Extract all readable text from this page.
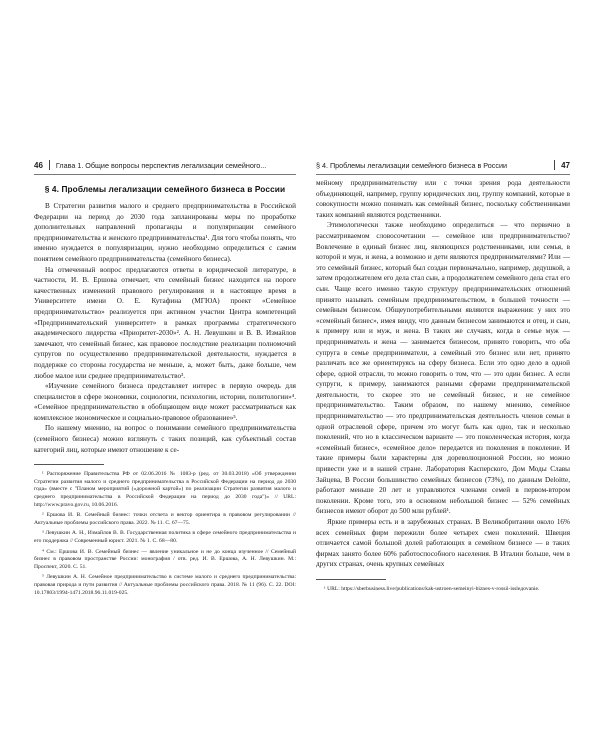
46 Глава 1. Общие вопросы перспектив легализации семейного...	§ 4. Проблемы легализации семейного бизнеса в России	47
§ 4. Проблемы легализации семейного бизнеса в России

В Стратегии развития малого и среднего предпринимательства в Российской Федерации на период до 2030 года запланированы меры по проработке дополнительных направлений пропаганды и популяризации семейного предпринимательства и женского предпринимательства¹. Для того чтобы понять, что именно нуждается в популяризации, нужно необходимо определиться с самим понятием семейного предпринимательства (семейного бизнеса).

На отмеченный вопрос предлагаются ответы в юридической литературе, в частности, И. В. Ершова отмечает, что семейный бизнес находится на пороге качественных изменений правового регулирования и в настоящее время в Университете имени О. Е. Кутафина (МГЮА) проект «Семейное предпринимательство» реализуется при активном участии Центра компетенций «Предпринимательский университет» в рамках программы стратегического академического лидерства «Приоритет-2030»². А. Н. Левушкин и В. В. Измайлов замечают, что семейный бизнес, как правовое последствие реализации полномочий супругов по осуществлению предпринимательской деятельности, нуждается в поддержке со стороны государства не меньше, а, может быть, даже больше, чем любое малое или среднее предпринимательство³.

«Изучение семейного бизнеса представляет интерес в первую очередь для специалистов в сфере экономики, социологии, психологии, истории, политологии»⁴. «Семейное предпринимательство в обобщающем виде может рассматриваться как комплексное экономическое и социально-правовое образование»⁵.

По нашему мнению, на вопрос о понимании семейного предпринимательства (семейного бизнеса) можно взглянуть с таких позиций, как субъектный состав категорий лиц, которые имеют отношение к се-

¹ Распоряжение Правительства РФ от 02.06.2016 № 1083-р (ред. от 30.03.2018) «Об утверждении Стратегии развития малого и среднего предпринимательства в Российской Федерации на период до 2030 года» (вместе с "Планом мероприятий («дорожной картой») по реализации Стратегии развития малого и среднего предпринимательства в Российской Федерации на период до 2030 года")» // URL: http://www.pravo.gov.ru, 10.06.2016.

² Ершова И. В. Семейный бизнес: точки отсчета и вектор ориентира в правовом регулировании // Актуальные проблемы российского права. 2022. № 11. С. 67—75.

³ Левушкин А. Н., Измайлов В. В. Государственная политика в сфере семейного предпринимательства и его поддержка // Современный юрист. 2021. № 1. С. 68—80.

⁴ См.: Ершова И. В. Семейный бизнес — явление уникальное и не до конца изученное // Семейный бизнес в правовом пространстве России: монография / отв. ред. И. В. Ершова, А. Н. Левушкин. М.: Проспект, 2020. С. 51.

⁵ Левушкин А. Н. Семейное предпринимательство в системе малого и среднего предпринимательства: правовая природа и пути развития // Актуальные проблемы российского права. 2018. № 11 (96). С. 22. DOI: 10.17803/1994-1471.2018.96.11.019-025.

мейному предпринимательству или с точки зрения рода деятельности объединяющей, например, группу юридических лиц, группу компаний, которые в совокупности можно понимать как семейный бизнес, поскольку собственниками таких компаний являются родственники.

Этимологически также необходимо определиться — что первично в рассматриваемом словосочетании — семейное или предпринимательство? Вовлечение в единый бизнес лиц, являющихся родственниками, или семья, в которой и муж, и жена, а возможно и дети являются предпринимателями? Или — это семейный бизнес, который был создан первоначально, например, дедушкой, а затем продолжателем его дела стал сын, а продолжателем семейного дела стал его сын. Чаще всего именно такую структуру предпринимательских отношений принято называть семейным предпринимательством, в большей точности — семейным бизнесом. Общеупотребительными являются выражения: у них это «семейный бизнес», имея ввиду, что данным бизнесом занимаются и отец, и сын, к примеру или и муж, и жена. В таких же случаях, когда в семье муж — предприниматель и жена — занимается бизнесом, принято говорить, что оба супруга в семье предприниматели, а семейный это бизнес или нет, принято различать все же ориентируясь на сферу бизнеса. Если это одно дело в одной сфере, одной отрасли, то можно говорить о том, что — это один бизнес. А если супруги, к примеру, занимаются разными сферами предпринимательской деятельности, то скорее это не семейный бизнес, и не семейное предпринимательство. Таким образом, по нашему мнению, семейное предпринимательство — это предпринимательская деятельность членов семьи в одной отраслевой сфере, причем это могут быть как одно, так и несколько поколений, что но в классическом варианте — это поколенческая история, когда «семейный бизнес», «семейное дело» передается из поколения в поколение. И такие примеры были характерны для дореволюционной России, но можно привести уже и в нашей стране. Лаборатория Касперского, Дом Моды Славы Зайцева, В России большинство семейных бизнесов (73%), по данным Deloitte, работают меньше 20 лет и управляются членами семей в первом-втором поколении. Кроме того, это в основном небольшой бизнес — 52% семейных бизнесов имеют оборот до 500 млн рублей¹.

Яркие примеры есть и в зарубежных странах. В Великобритании около 16% всех семейных фирм пережили более четырех смен поколений. Швеция отличается самой большой долей работающих в семейном бизнесе — в таких фирмах занято более 60% работоспособного населения. В Италии больше, чем в других странах, очень крупных семейных

¹ URL: https://sberbusiness.live/publications/kak-ustroen-semeinyi-biznes-v-rossii-isslедovanie.
